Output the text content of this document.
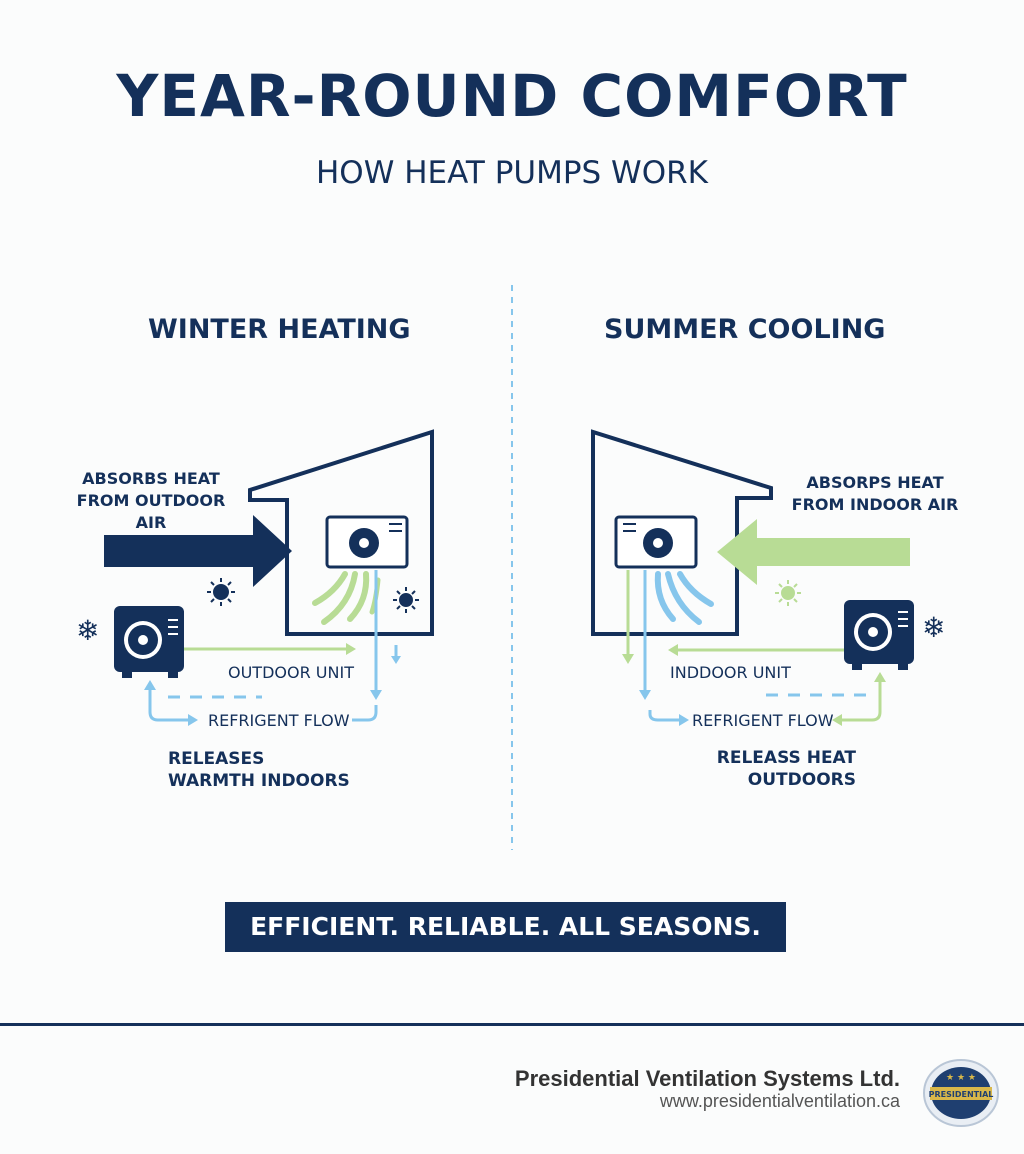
YEAR-ROUND COMFORT
HOW HEAT PUMPS WORK
❄	❄
WINTER HEATING
ABSORBS HEAT
FROM OUTDOOR AIR
OUTDOOR UNIT
REFRIGENT FLOW
RELEASES
WARMTH INDOORS
SUMMER COOLING
ABSORPS HEAT
FROM INDOOR AIR
INDDOOR UNIT
REFRIGENT FLOW
RELEASS HEAT
OUTDOORS
EFFICIENT. RELIABLE. ALL SEASONS.
Presidential Ventilation Systems Ltd.
www.presidentialventilation.ca	PRESIDENTIAL
★ ★ ★
